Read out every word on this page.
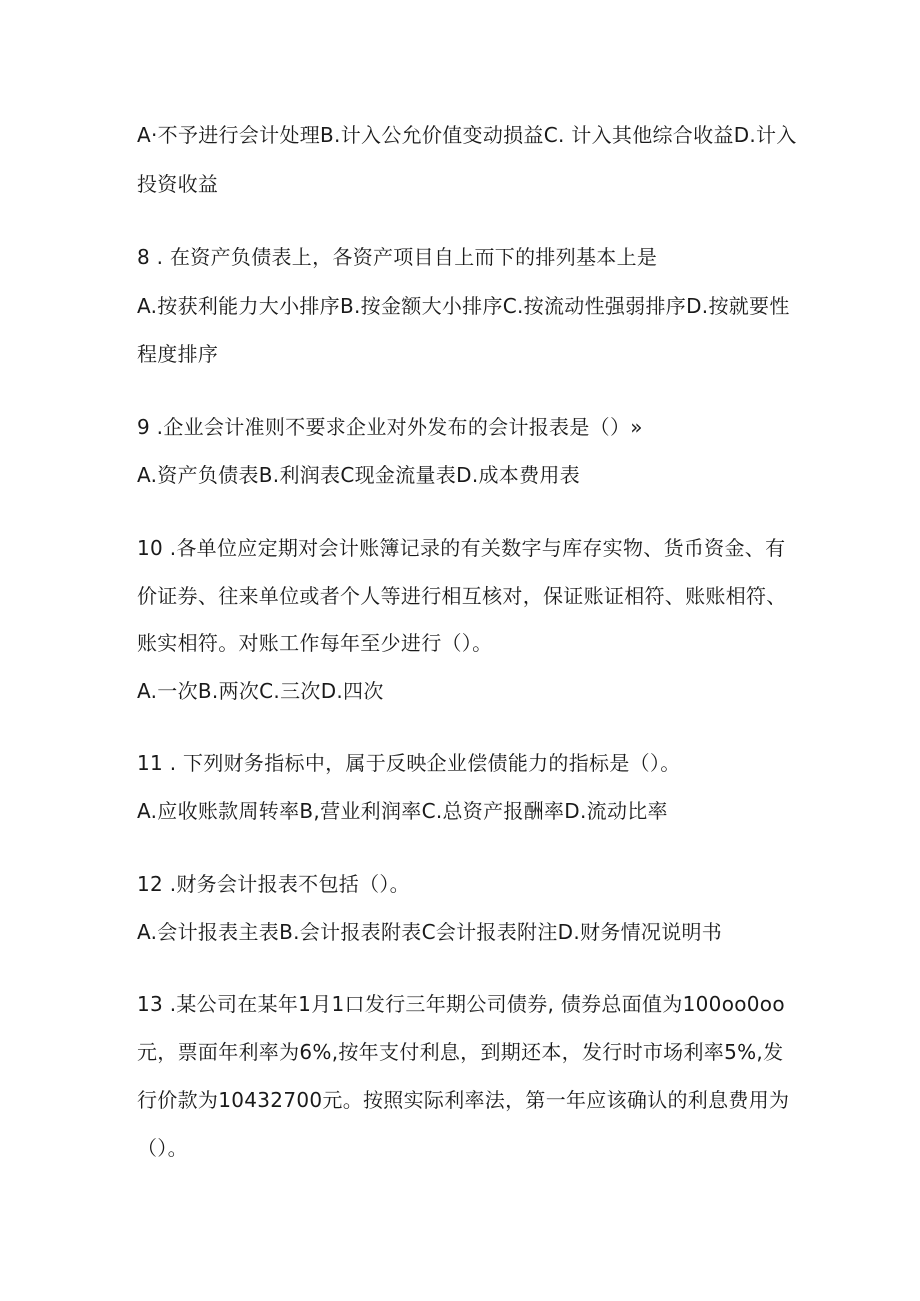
A·不予进行会计处理B.计入公允价值变动损益C. 计入其他综合收益D.计入
投资收益
8 . 在资产负债表上，各资产项目自上而下的排列基本上是
A.按获利能力大小排序B.按金额大小排序C.按流动性强弱排序D.按就要性
程度排序
9 .企业会计准则不要求企业对外发布的会计报表是（）»
A.资产负债表B.利润表C现金流量表D.成本费用表
10 .各单位应定期对会计账簿记录的有关数字与库存实物、货币资金、有
价证券、往来单位或者个人等进行相互核对，保证账证相符、账账相符、
账实相符。对账工作每年至少进行（）。
A.一次B.两次C.三次D.四次
11 . 下列财务指标中，属于反映企业偿债能力的指标是（）。
A.应收账款周转率B,营业利润率C.总资产报酬率D.流动比率
12 .财务会计报表不包括（）。
A.会计报表主表B.会计报表附表C会计报表附注D.财务情况说明书
13 .某公司在某年1月1口发行三年期公司债券, 债券总面值为100oo0oo
元，票面年利率为6%,按年支付利息，到期还本，发行时市场利率5%,发
行价款为10432700元。按照实际利率法，第一年应该确认的利息费用为
（）。
